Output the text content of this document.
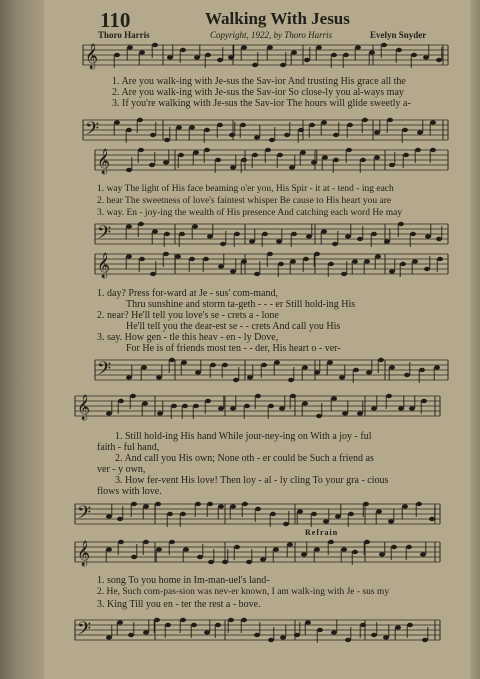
110	Walking With Jesus
Thoro Harris	Copyright, 1922, by Thoro Harris	Evelyn Snyder
𝄞
𝄢
𝄞
𝄢
𝄞
𝄢
𝄞
𝄢
𝄞
𝄢
1. Are you walk-ing with Je-sus the Sav-ior And trusting His grace all the
2. Are you walk-ing with Je-sus the Sav-ior So close-ly you al-ways may
3. If you're walking with Je-sus the Sav-ior The hours will glide sweetly a-
1. way The light of His face beaming o'er you, His Spir - it at - tend - ing each
2. hear The sweetness of love's faintest whisper Be cause to His heart you are
3. way. En - joy-ing the wealth of His presence And catching each word He may
1. day? Press for-ward at Je - sus' com-mand,
Thru sunshine and storm ta-geth - - - er Still hold-ing His
2. near? He'll tell you love's se - crets a - lone
He'll tell you the dear-est se - - crets And call you His
3. say. How gen - tle this heav - en - ly Dove,
For He is of friends most ten - - der, His heart o - ver-
1. Still hold-ing His hand While jour-ney-ing on With a joy - ful
faith - ful hand,
2. And call you His own; None oth - er could be Such a friend as
ver - y own,
3. How fer-vent His love! Then loy - al - ly cling To your gra - cious
flows with love.
Refrain
1. song To you home in Im-man-uel's land-
2. He, Such com-pas-sion was nev-er known, I am walk-ing with Je - sus my
3. King Till you en - ter the rest a - bove.
